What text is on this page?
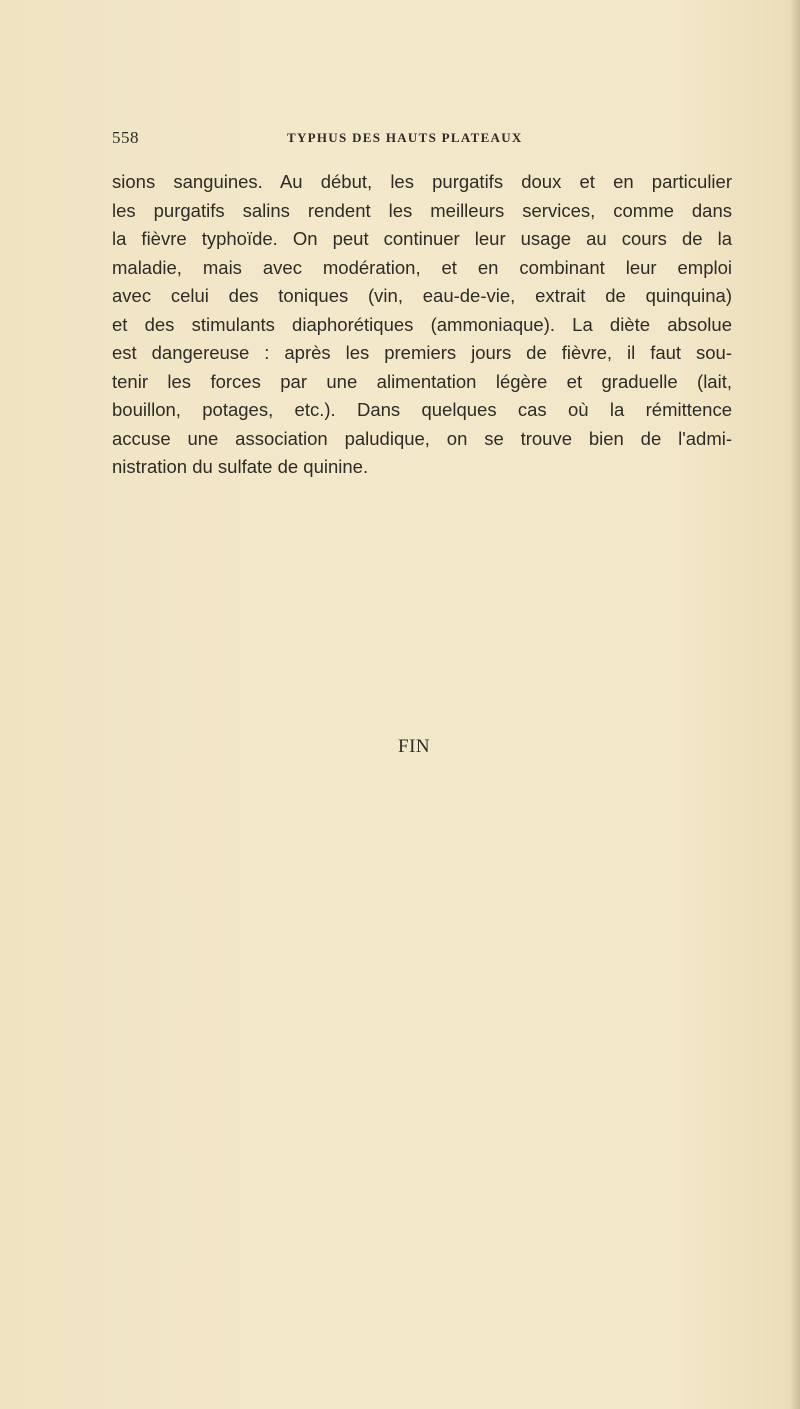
558	TYPHUS DES HAUTS PLATEAUX

sions sanguines. Au début, les purgatifs doux et en particulier
les purgatifs salins rendent les meilleurs services, comme dans
la fièvre typhoïde. On peut continuer leur usage au cours de la
maladie, mais avec modération, et en combinant leur emploi
avec celui des toniques (vin, eau-de-vie, extrait de quinquina)
et des stimulants diaphorétiques (ammoniaque). La diète absolue
est dangereuse : après les premiers jours de fièvre, il faut sou-
tenir les forces par une alimentation légère et graduelle (lait,
bouillon, potages, etc.). Dans quelques cas où la rémittence
accuse une association paludique, on se trouve bien de l'admi-
nistration du sulfate de quinine.

FIN
